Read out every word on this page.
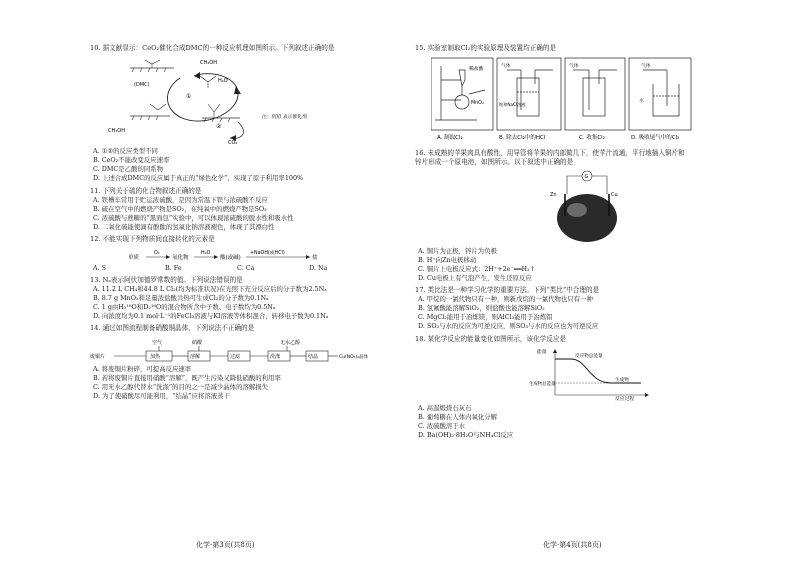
10. 据文献显示：CeO₂催化合成DMC的一种反应机理如图所示。下列叙述正确的是

CH₃OH
H₂O
CH₃OH
(DMC)
CO₂
①
②
注：////// 表示催化剂

A. ①②的反应类型不同

B. CeO₂不能改变反应速率

C. DMC是乙酸的同系物

D. 上述合成DMC的反应属于真正的“绿色化学”，实现了原子利用率100%

11. 下列关于硫的化合物叙述正确的是

A. 铁槽车常用于贮运浓硫酸，是因为常温下铁与浓硫酸不反应

B. 硫在空气中的燃烧产物是SO₂，在纯氧中的燃烧产物是SO₃

C. 浓硫酸与蔗糖的“黑面包”实验中，可以体现浓硫酸的脱水性和吸水性

D. 二氧化硫能使滴有酚酞的氢氧化钠溶液褪色，体现了其漂白性

12. 不能实现下列物质间直接转化的元素是

单质
O₂
氧化物
H₂O
酸(或碱)
+NaOH(或HCl)
盐
A. S	B. Fe	C. Ca	D. Na

13. Nₐ表示阿伏加德罗常数的值。下列说法错误的是

A. 11.2 L CH₄和44.8 L Cl₂(均为标准状况)在光照下充分反应后的分子数为2.5Nₐ

B. 8.7 g MnO₂和足量浓盐酸共热可生成Cl₂的分子数为0.1Nₐ

C. 1 g由H₂¹⁸O和D₂¹⁶O的混合物所含中子数、电子数均为0.5Nₐ

D. 向浓度均为0.1 mol·L⁻¹的FeCl₃溶液与KI溶液等体积混合，转移电子数为0.1Nₐ

14. 通过如图流程制备硝酸铜晶体，下列说法不正确的是

废铜片
空气	硝酸	无水乙醇
加热	溶解	过滤	洗涤	结晶	Cu(NO₃)₂晶体

A. 将废铜片粉碎，可提高反应速率

B. 若将废铜片直接用硝酸“溶解”，既产生污染又降低硝酸的利用率

C. 用无水乙醇代替水“洗涤”的目的之一是减少晶体的溶解损失

D. 为了使硝酸尽可能利用，“结晶”应将溶液蒸干

化学·第3页(共8页)

15. 实验室制取Cl₂的实验原理及装置均正确的是

稀盐酸
MnO₂
气体
饱和NaCl溶液
气体	气体
水
A. 制取Cl₂	B. 除去Cl₂中的HCl	C. 收集Cl₂	D. 吸收尾气中的Cl₂

16. 未成熟的苹果肉具有酸性，用导管将苹果的内部做几下，使苹汁流通，平行地插入铜片和

锌片形成一个原电池，如图所示。以下叙述中正确的是

G
Zn	Cu

A. 铜片为正极，锌片为负极

B. H⁺向Zn电极移动

C. 铜片上电极反应式：2H⁺+2e⁻══H₂↑

D. Cu电极上有气泡产生，发生还原反应

17. 类比法是一种学习化学的重要方法。下列“类比”中合理的是

A. 甲烷的一氯代物只有一种，则新戊烷的一氯代物也只有一种

B. 氢氟酸能溶解SiO₂，则盐酸也能溶解SiO₂

C. MgCl₂能用于冶炼镁，则AlCl₃能用于冶炼铝

D. SO₂与水的反应为可逆反应，则SO₃与水的反应也为可逆反应

18. 某化学反应的能量变化如图所示，该化学反应是

能量
反应物总能量
生成物总能量
生成物
反应过程

A. 高温煅烧石灰石

B. 葡萄糖在人体内氧化分解

C. 浓硫酸溶于水

D. Ba(OH)₂·8H₂O与NH₄Cl反应

化学·第4页(共8页)
